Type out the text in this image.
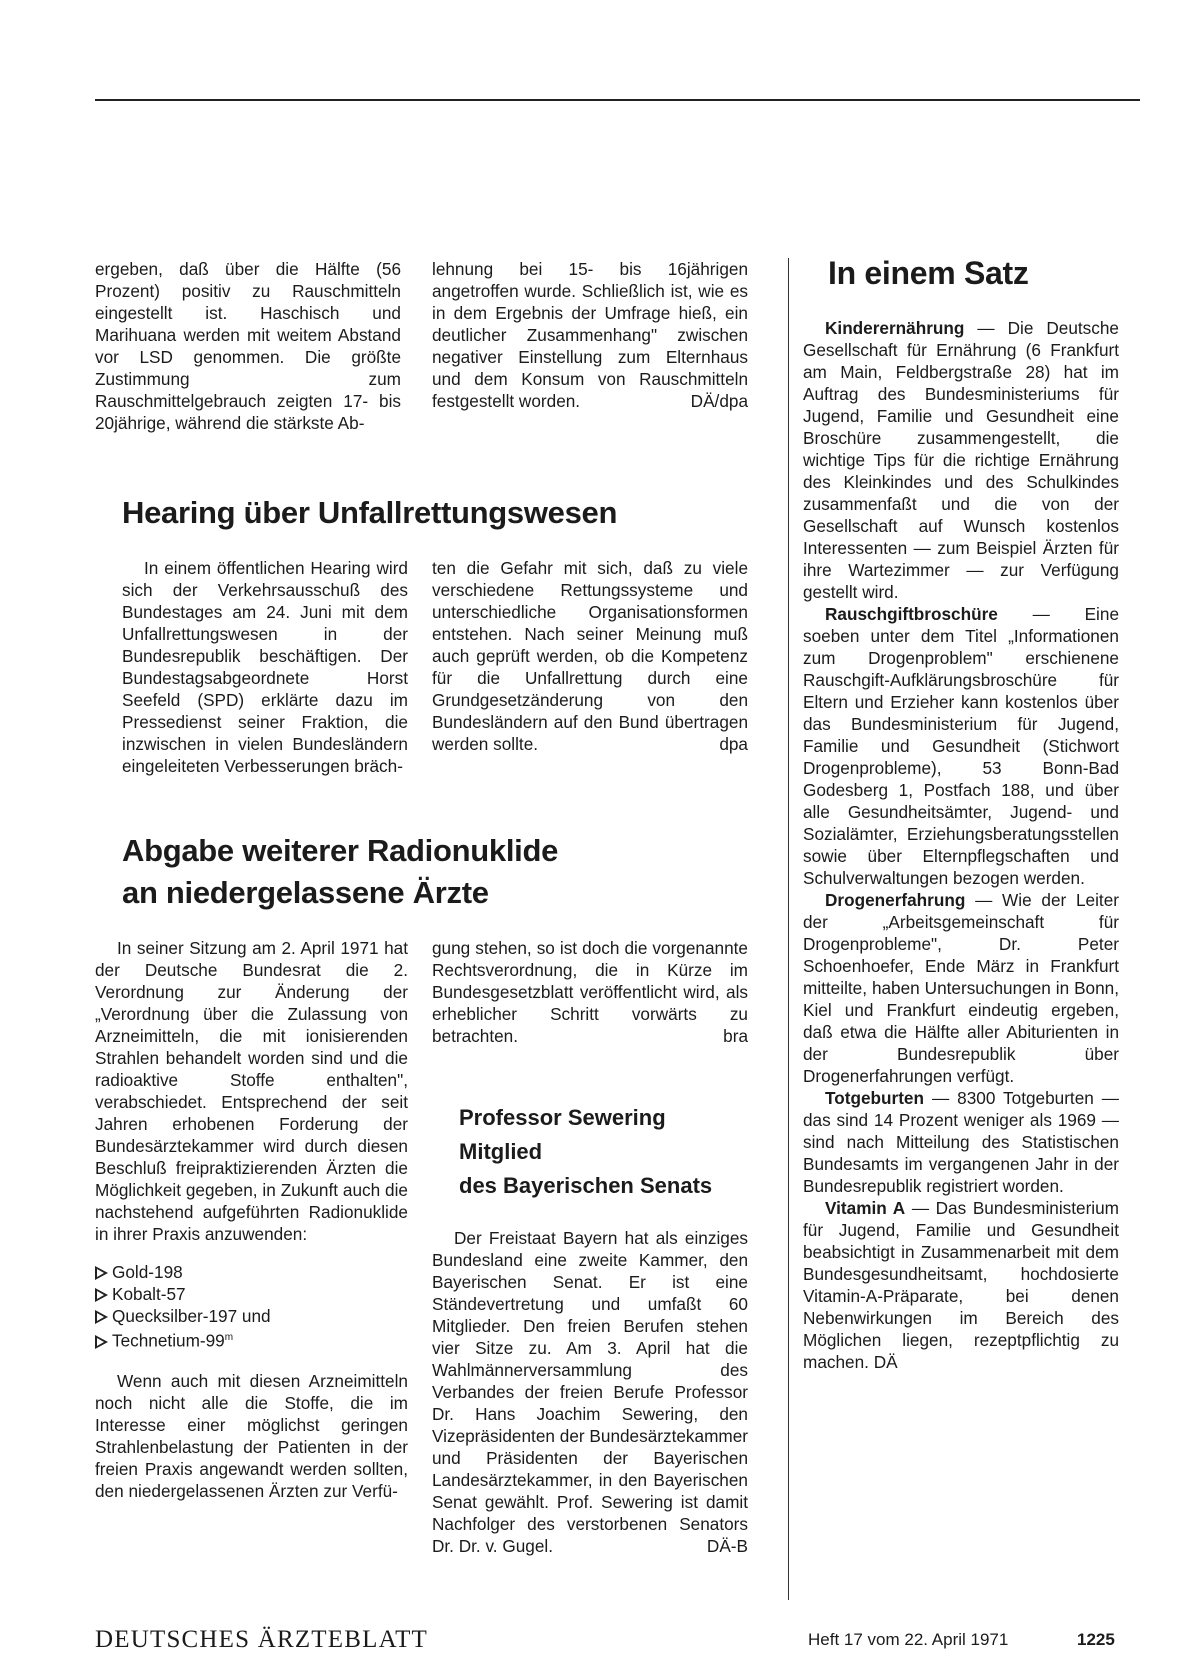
ergeben, daß über die Hälfte (56 Prozent) positiv zu Rauschmitteln eingestellt ist. Haschisch und Marihuana werden mit weitem Abstand vor LSD genommen. Die größte Zustimmung zum Rauschmittelgebrauch zeigten 17- bis 20jährige, während die stärkste Ab-

lehnung bei 15- bis 16jährigen angetroffen wurde. Schließlich ist, wie es in dem Ergebnis der Umfrage hieß, ein deutlicher Zusammenhang" zwischen negativer Einstellung zum Elternhaus und dem Konsum von Rauschmitteln festgestellt worden.	DÄ/dpa

Hearing über Unfallrettungswesen

In einem öffentlichen Hearing wird sich der Verkehrsausschuß des Bundestages am 24. Juni mit dem Unfallrettungswesen in der Bundesrepublik beschäftigen. Der Bundestagsabgeordnete Horst Seefeld (SPD) erklärte dazu im Pressedienst seiner Fraktion, die inzwischen in vielen Bundesländern eingeleiteten Verbesserungen bräch-

ten die Gefahr mit sich, daß zu viele verschiedene Rettungssysteme und unterschiedliche Organisationsformen entstehen. Nach seiner Meinung muß auch geprüft werden, ob die Kompetenz für die Unfallrettung durch eine Grundgesetzänderung von den Bundesländern auf den Bund übertragen werden sollte.	dpa

Abgabe weiterer Radionuklide
an niedergelassene Ärzte

In seiner Sitzung am 2. April 1971 hat der Deutsche Bundesrat die 2. Verordnung zur Änderung der „Verordnung über die Zulassung von Arzneimitteln, die mit ionisierenden Strahlen behandelt worden sind und die radioaktive Stoffe enthalten", verabschiedet. Entsprechend der seit Jahren erhobenen Forderung der Bundesärztekammer wird durch diesen Beschluß freipraktizierenden Ärzten die Möglichkeit gegeben, in Zukunft auch die nachstehend aufgeführten Radionuklide in ihrer Praxis anzuwenden:

Gold-198
Kobalt-57
Quecksilber-197 und
Technetium-99$^m$

Wenn auch mit diesen Arzneimitteln noch nicht alle die Stoffe, die im Interesse einer möglichst geringen Strahlenbelastung der Patienten in der freien Praxis angewandt werden sollten, den niedergelassenen Ärzten zur Verfü-

gung stehen, so ist doch die vorgenannte Rechtsverordnung, die in Kürze im Bundesgesetzblatt veröffentlicht wird, als erheblicher Schritt vorwärts zu betrachten.	bra

Professor Sewering
Mitglied
des Bayerischen Senats

Der Freistaat Bayern hat als einziges Bundesland eine zweite Kammer, den Bayerischen Senat. Er ist eine Ständevertretung und umfaßt 60 Mitglieder. Den freien Berufen stehen vier Sitze zu. Am 3. April hat die Wahlmännerversammlung des Verbandes der freien Berufe Professor Dr. Hans Joachim Sewering, den Vizepräsidenten der Bundesärztekammer und Präsidenten der Bayerischen Landesärztekammer, in den Bayerischen Senat gewählt. Prof. Sewering ist damit Nachfolger des verstorbenen Senators Dr. Dr. v. Gugel.	DÄ-B

In einem Satz

Kinderernährung — Die Deutsche Gesellschaft für Ernährung (6 Frankfurt am Main, Feldbergstraße 28) hat im Auftrag des Bundesministeriums für Jugend, Familie und Gesundheit eine Broschüre zusammengestellt, die wichtige Tips für die richtige Ernährung des Kleinkindes und des Schulkindes zusammenfaßt und die von der Gesellschaft auf Wunsch kostenlos Interessenten — zum Beispiel Ärzten für ihre Wartezimmer — zur Verfügung gestellt wird.

Rauschgiftbroschüre — Eine soeben unter dem Titel „Informationen zum Drogenproblem" erschienene Rauschgift-Aufklärungsbroschüre für Eltern und Erzieher kann kostenlos über das Bundesministerium für Jugend, Familie und Gesundheit (Stichwort Drogenprobleme), 53 Bonn-Bad Godesberg 1, Postfach 188, und über alle Gesundheitsämter, Jugend- und Sozialämter, Erziehungsberatungsstellen sowie über Elternpflegschaften und Schulverwaltungen bezogen werden.

Drogenerfahrung — Wie der Leiter der „Arbeitsgemeinschaft für Drogenprobleme", Dr. Peter Schoenhoefer, Ende März in Frankfurt mitteilte, haben Untersuchungen in Bonn, Kiel und Frankfurt eindeutig ergeben, daß etwa die Hälfte aller Abiturienten in der Bundesrepublik über Drogenerfahrungen verfügt.

Totgeburten — 8300 Totgeburten — das sind 14 Prozent weniger als 1969 — sind nach Mitteilung des Statistischen Bundesamts im vergangenen Jahr in der Bundesrepublik registriert worden.

Vitamin A — Das Bundesministerium für Jugend, Familie und Gesundheit beabsichtigt in Zusammenarbeit mit dem Bundesgesundheitsamt, hochdosierte Vitamin-A-Präparate, bei denen Nebenwirkungen im Bereich des Möglichen liegen, rezeptpflichtig zu machen. DÄ

DEUTSCHES ÄRZTEBLATT	Heft 17 vom 22. April 1971	1225
